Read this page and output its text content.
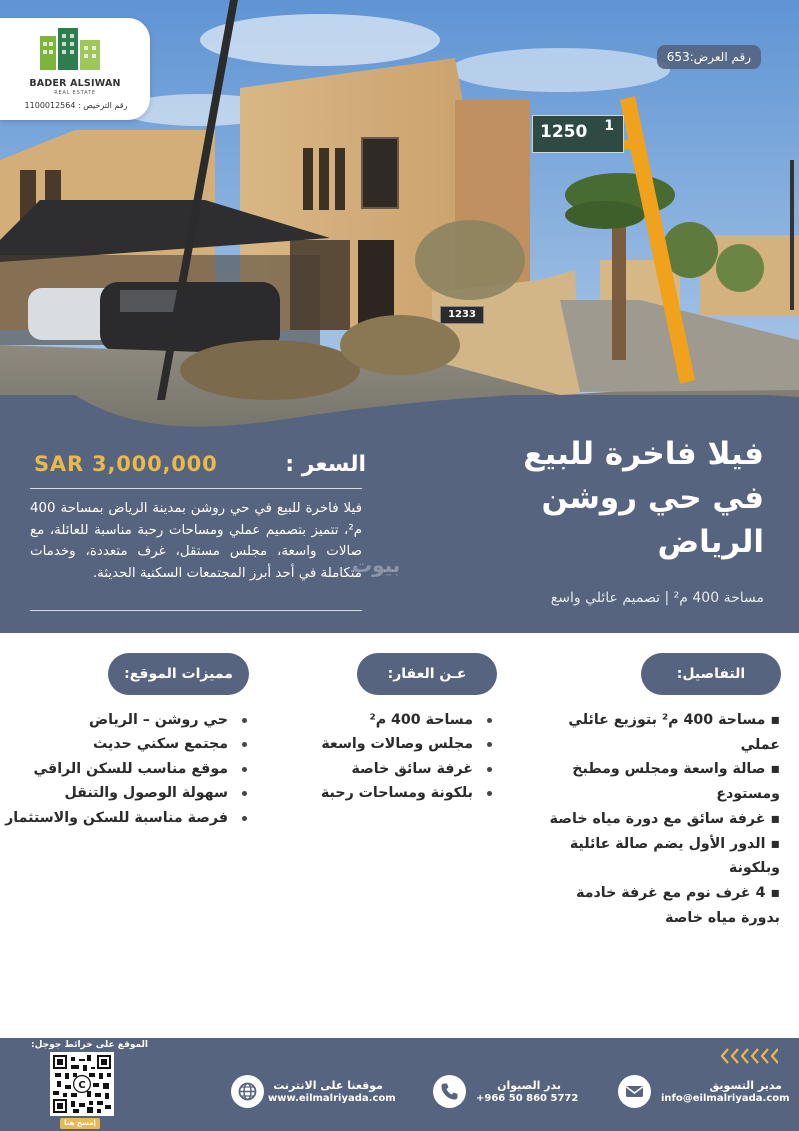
BADER ALSIWAN
REAL ESTATE
رقم الترخيص : 1100012564
رقم العرض:653
1250 1
1233
فيلا فاخرة للبيع في حي روشن الرياض
مساحة 400 م² | تصميم عائلي واسع
السعر :
SAR 3,000,000
فيلا فاخرة للبيع في حي روشن بمدينة الرياض بمساحة 400 م²، تتميز بتصميم عملي ومساحات رحبة مناسبة للعائلة، مع صالات واسعة، مجلس مستقل، غرف متعددة، وخدمات متكاملة في أحد أبرز المجتمعات السكنية الحديثة.
بيوت
التفاصيل:
عـن العقار:
مميزات الموقع:
▪ مساحة 400 م² بتوزيع عائلي عملي
▪ صالة واسعة ومجلس ومطبخ ومستودع
▪ غرفة سائق مع دورة مياه خاصة
▪ الدور الأول يضم صالة عائلية وبلكونة
▪ 4 غرف نوم مع غرفة خادمة بدورة مياه خاصة
مساحة 400 م²
مجلس وصالات واسعة
غرفة سائق خاصة
بلكونة ومساحات رحبة
حي روشن – الرياض
مجتمع سكني حديث
موقع مناسب للسكن الراقي
سهولة الوصول والتنقل
فرصة مناسبة للسكن والاستثمار
الموقع على خرائط جوجل:
C
إمسح هنا
مدير التسويق
info@eilmalriyada.com
بدر الصيوان
+966 50 860 5772
موقعنا على الانترنت
www.eilmalriyada.com
